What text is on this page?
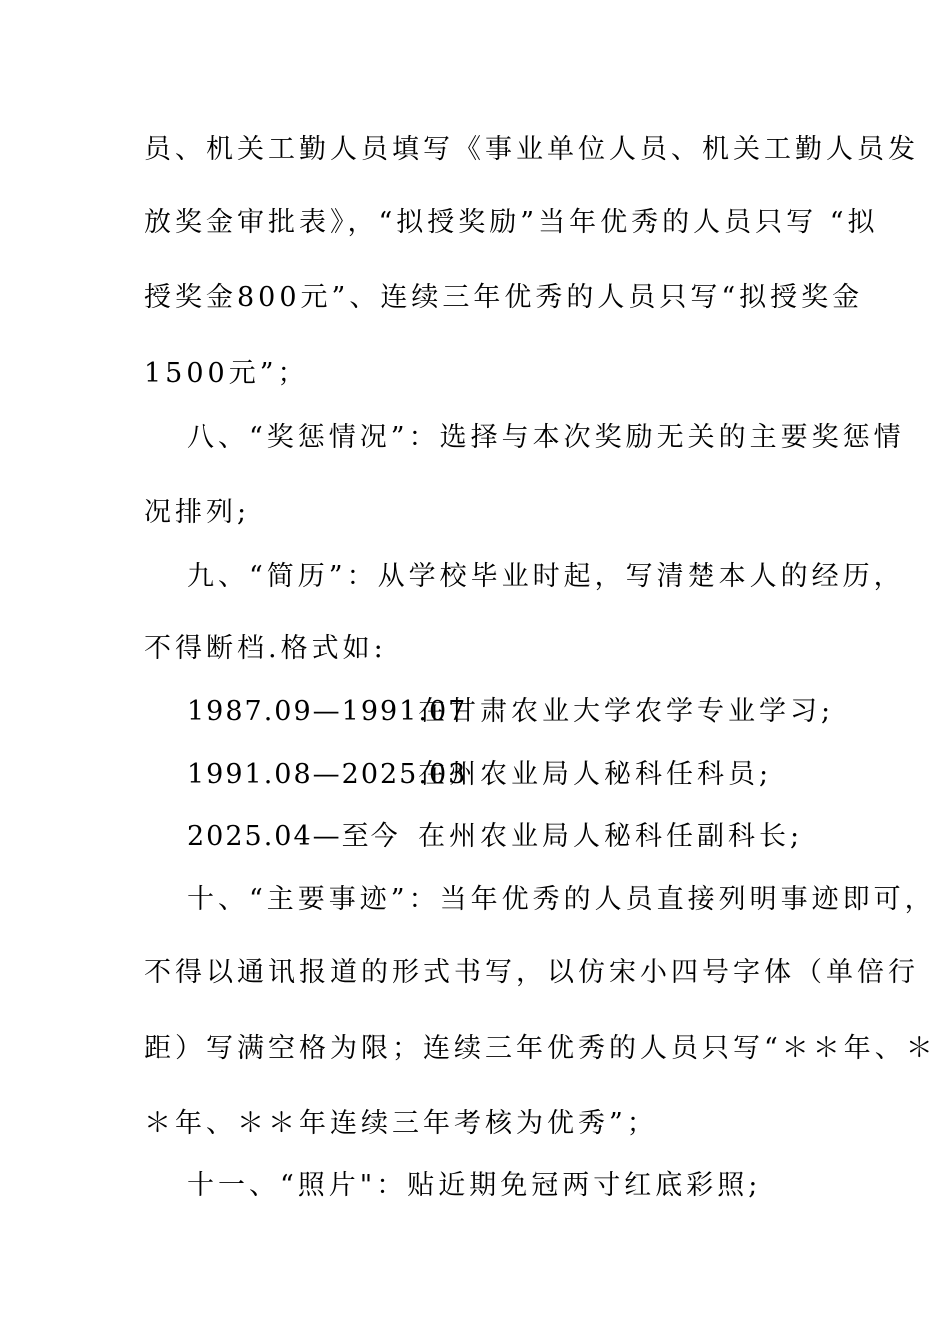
员、机关工勤人员填写《事业单位人员、机关工勤人员发
放奖金审批表》，“拟授奖励”当年优秀的人员只写 “拟
授奖金800元”、连续三年优秀的人员只写“拟授奖金
1500元”；
八、“奖惩情况”：选择与本次奖励无关的主要奖惩情
况排列;
九、“简历”：从学校毕业时起，写清楚本人的经历，
不得断档.格式如:
1987.09—1991.07在甘肃农业大学农学专业学习;
1991.08—2025.03在州农业局人秘科任科员;
2025.04—至今 在州农业局人秘科任副科长;
十、“主要事迹”：当年优秀的人员直接列明事迹即可，
不得以通讯报道的形式书写，以仿宋小四号字体（单倍行
距）写满空格为限；连续三年优秀的人员只写“＊＊年、＊
＊年、＊＊年连续三年考核为优秀”；
十一、“照片"：贴近期免冠两寸红底彩照;
